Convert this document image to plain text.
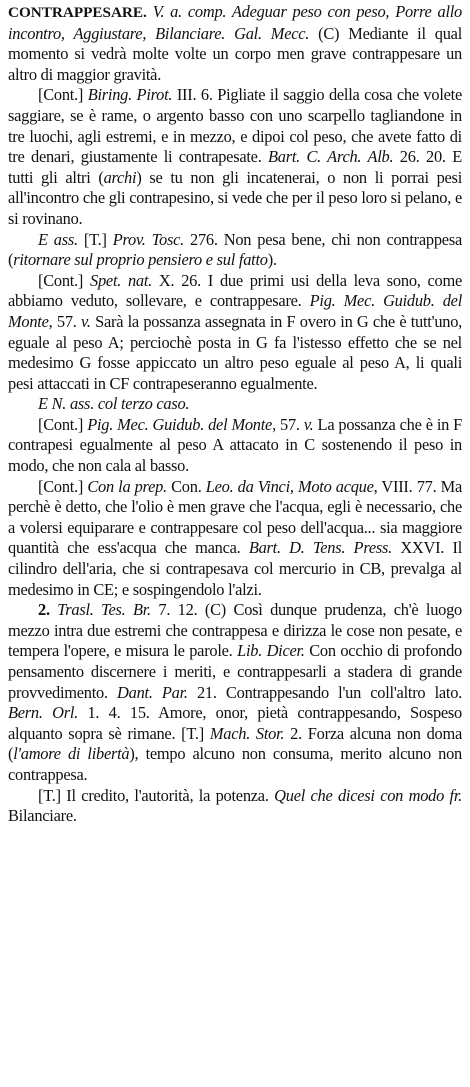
CONTRAPPESARE. V. a. comp. Adeguar peso con peso, Porre allo incontro, Aggiustare, Bilanciare. Gal. Mecc. (C) Mediante il qual momento si vedrà molte volte un corpo men grave contrappesare un altro di maggior gravità.

[Cont.] Biring. Pirot. III. 6. Pigliate il saggio della cosa che volete saggiare, se è rame, o argento basso con uno scarpello tagliandone in tre luochi, agli estremi, e in mezzo, e dipoi col peso, che avete fatto di tre denari, giustamente li contrapesate. Bart. C. Arch. Alb. 26. 20. E tutti gli altri (archi) se tu non gli incatenerai, o non li porrai pesi all'incontro che gli contrapesino, si vede che per il peso loro si pelano, e si rovinano.

E ass. [T.] Prov. Tosc. 276. Non pesa bene, chi non contrappesa (ritornare sul proprio pensiero e sul fatto).

[Cont.] Spet. nat. X. 26. I due primi usi della leva sono, come abbiamo veduto, sollevare, e contrappesare. Pig. Mec. Guidub. del Monte, 57. v. Sarà la possanza assegnata in F overo in G che è tutt'uno, eguale al peso A; perciochè posta in G fa l'istesso effetto che se nel medesimo G fosse appiccato un altro peso eguale al peso A, li quali pesi attaccati in CF contrapeseranno egualmente.

E N. ass. col terzo caso.

[Cont.] Pig. Mec. Guidub. del Monte, 57. v. La possanza che è in F contrapesi egualmente al peso A attacato in C sostenendo il peso in modo, che non cala al basso.

[Cont.] Con la prep. Con. Leo. da Vinci, Moto acque, VIII. 77. Ma perchè è detto, che l'olio è men grave che l'acqua, egli è necessario, che a volersi equiparare e contrappesare col peso dell'acqua... sia maggiore quantità che ess'acqua che manca. Bart. D. Tens. Press. XXVI. Il cilindro dell'aria, che si contrapesava col mercurio in CB, prevalga al medesimo in CE; e sospingendolo l'alzi.

2. Trasl. Tes. Br. 7. 12. (C) Così dunque prudenza, ch'è luogo mezzo intra due estremi che contrappesa e dirizza le cose non pesate, e tempera l'opere, e misura le parole. Lib. Dicer. Con occhio di profondo pensamento discernere i meriti, e contrappesarli a stadera di grande provvedimento. Dant. Par. 21. Contrappesando l'un coll'altro lato. Bern. Orl. 1. 4. 15. Amore, onor, pietà contrappesando, Sospeso alquanto sopra sè rimane. [T.] Mach. Stor. 2. Forza alcuna non doma (l'amore di libertà), tempo alcuno non consuma, merito alcuno non contrappesa.

[T.] Il credito, l'autorità, la potenza. Quel che dicesi con modo fr. Bilanciare.
